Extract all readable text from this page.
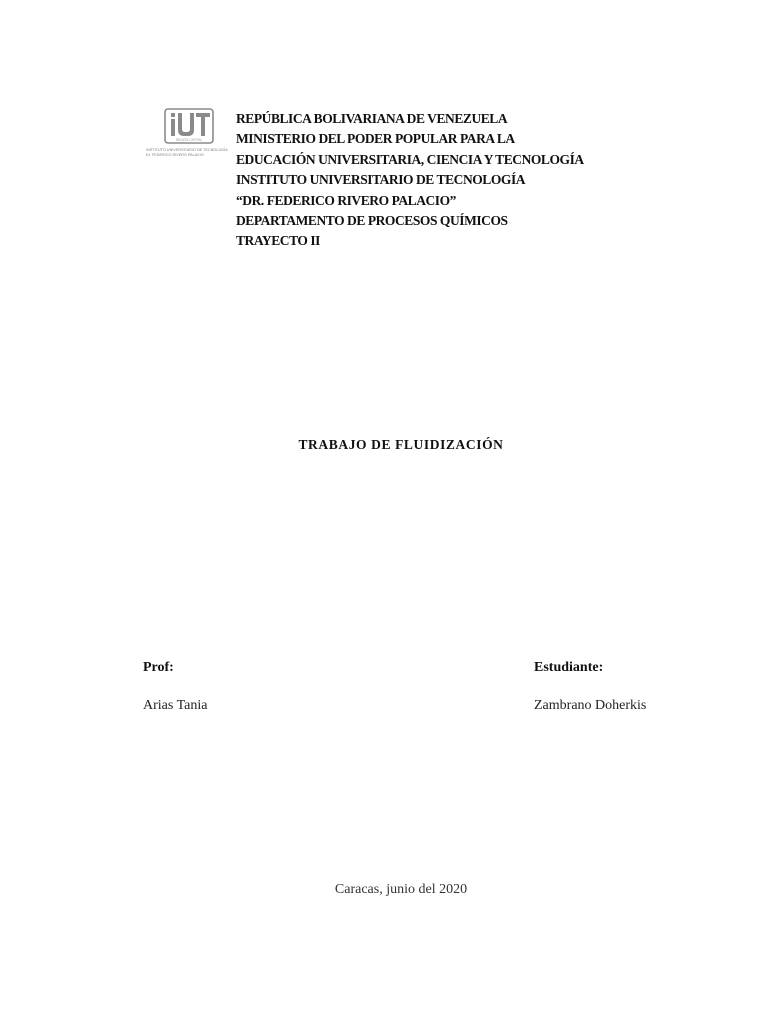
REGIÓN CAPITAL
INSTITUTO UNIVERSITARIO DE TECNOLOGÍA
Dr. FEDERICO RIVERO PALACIO
REPÚBLICA BOLIVARIANA DE VENEZUELA
MINISTERIO DEL PODER POPULAR PARA LA
EDUCACIÓN UNIVERSITARIA, CIENCIA Y TECNOLOGÍA
INSTITUTO UNIVERSITARIO DE TECNOLOGÍA
“DR. FEDERICO RIVERO PALACIO”
DEPARTAMENTO DE PROCESOS QUÍMICOS
TRAYECTO II
TRABAJO DE FLUIDIZACIÓN
Prof:
Arias Tania
Estudiante:
Zambrano Doherkis
Caracas, junio del 2020
